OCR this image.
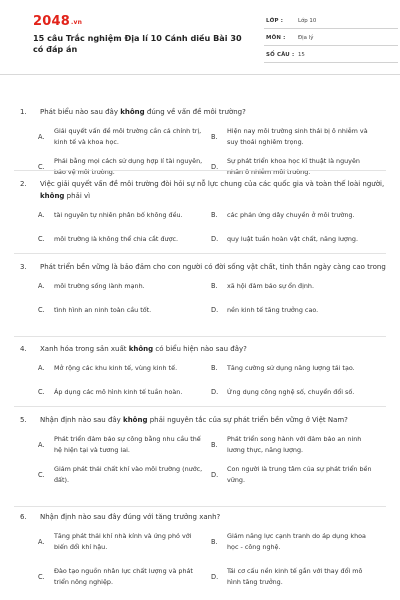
2048.vn
15 câu Trắc nghiệm Địa lí 10 Cánh diều Bài 30 có đáp án
LỚP :	Lớp 10
MÔN : Địa lý
SỐ CÂU : 15
1. Phát biểu nào sau đây không đúng về vấn đề môi trường?
A.
Giải quyết vấn đề môi trường cần cả chính trị, kinh tế và khoa học.
B.
Hiện nay môi trường sinh thái bị ô nhiễm và suy thoái nghiêm trọng.
C.
Phải bằng mọi cách sử dụng hợp lí tài nguyên, bảo vệ môi trường.
D.
Sự phát triển khoa học kĩ thuật là nguyên nhân ô nhiễm môi trường.
2. Việc giải quyết vấn đề môi trường đòi hỏi sự nỗ lực chung của các quốc gia và toàn thế loài người, không phải vì
A. tài nguyên tự nhiên phân bố không đều.	B. các phản ứng dây chuyền ở môi trường.
C. môi trường là không thể chia cắt được.	D. quy luật tuần hoàn vật chất, năng lượng.
3. Phát triển bền vững là bảo đảm cho con người có đời sống vật chất, tinh thần ngày càng cao trong
A. môi trường sống lành mạnh.	B. xã hội đảm bảo sự ổn định.
C. tình hình an ninh toàn cầu tốt.	D. nền kinh tế tăng trưởng cao.
4. Xanh hóa trong sản xuất không có biểu hiện nào sau đây?
A. Mở rộng các khu kinh tế, vùng kinh tế.	B. Tăng cường sử dụng năng lượng tái tạo.
C. Áp dụng các mô hình kinh tế tuần hoàn.	D. Ứng dụng công nghệ số, chuyển đổi số.
5. Nhận định nào sau đây không phải nguyên tắc của sự phát triển bền vững ở Việt Nam?
A.
Phát triển đảm bảo sự công bằng nhu cầu thế hệ hiện tại và tương lai.
B.
Phát triển song hành với đảm bảo an ninh lương thực, năng lượng.
C.
Giảm phát thải chất khí vào môi trường (nước, đất).
D.
Con người là trung tâm của sự phát triển bền vững.
6. Nhận định nào sau đây đúng với tăng trưởng xanh?
A.
Tăng phát thải khí nhà kính và ứng phó với biến đổi khí hậu.
B.
Giảm năng lực cạnh tranh do áp dụng khoa học - công nghệ.
C.
Đào tạo nguồn nhân lực chất lượng và phát triển nông nghiệp.
D.
Tái cơ cấu nền kinh tế gắn với thay đổi mô hình tăng trưởng.
